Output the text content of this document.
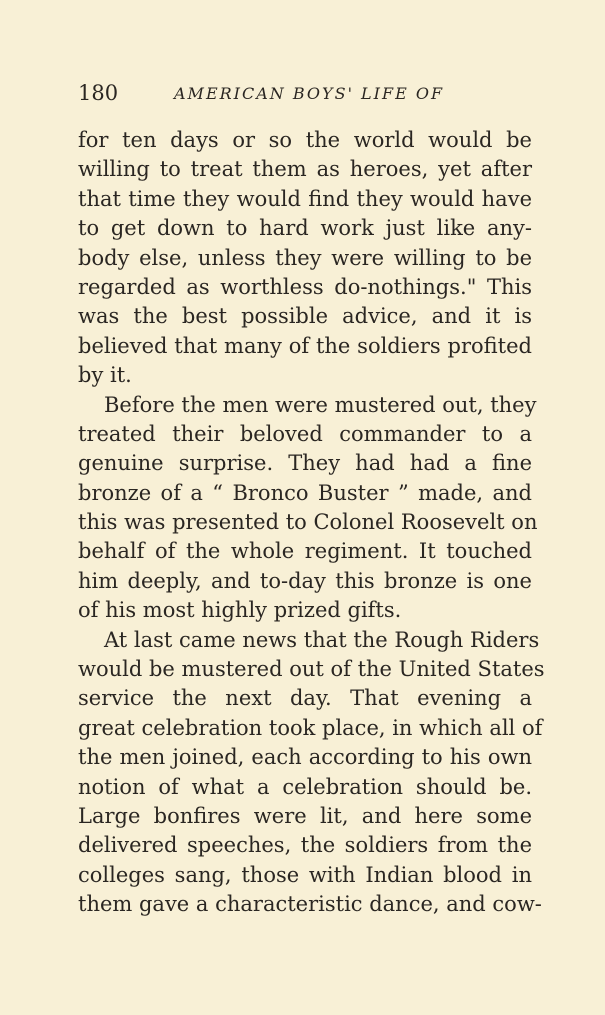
180	AMERICAN BOYS' LIFE OF
for ten days or so the world would be
willing to treat them as heroes, yet after
that time they would find they would have
to get down to hard work just like any-
body else, unless they were willing to be
regarded as worthless do-nothings." This
was the best possible advice, and it is
believed that many of the soldiers profited
by it.
Before the men were mustered out, they
treated their beloved commander to a
genuine surprise. They had had a fine
bronze of a “ Bronco Buster ” made, and
this was presented to Colonel Roosevelt on
behalf of the whole regiment. It touched
him deeply, and to-day this bronze is one
of his most highly prized gifts.
At last came news that the Rough Riders
would be mustered out of the United States
service the next day. That evening a
great celebration took place, in which all of
the men joined, each according to his own
notion of what a celebration should be.
Large bonfires were lit, and here some
delivered speeches, the soldiers from the
colleges sang, those with Indian blood in
them gave a characteristic dance, and cow-
